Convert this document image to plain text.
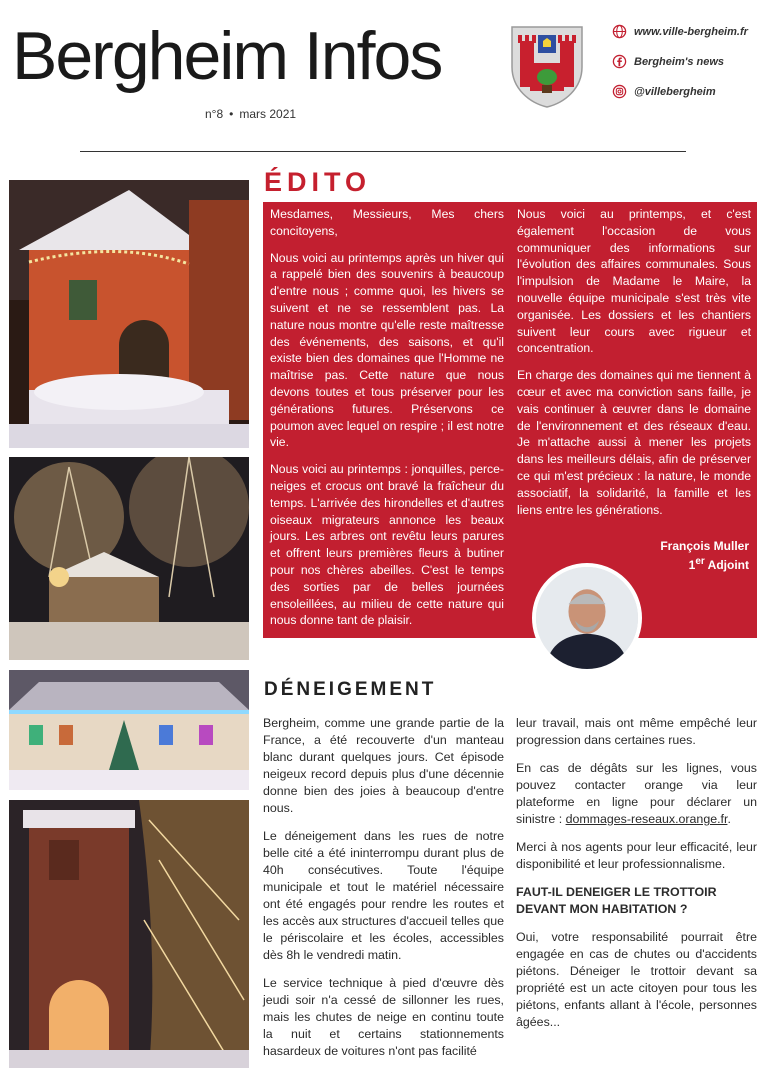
Bergheim Infos
n°8 • mars 2021
www.ville-bergheim.fr
Bergheim's news
@villebergheim
ÉDITO

Mesdames, Messieurs, Mes chers concitoyens,

Nous voici au printemps après un hiver qui a rappelé bien des souvenirs à beaucoup d'entre nous ; comme quoi, les hivers se suivent et ne se ressemblent pas. La nature nous montre qu'elle reste maîtresse des événements, des saisons, et qu'il existe bien des domaines que l'Homme ne maîtrise pas. Cette nature que nous devons toutes et tous préserver pour les générations futures. Préservons ce poumon avec lequel on respire ; il est notre vie.

Nous voici au printemps : jonquilles, perce-neiges et crocus ont bravé la fraîcheur du temps. L'arrivée des hirondelles et d'autres oiseaux migrateurs annonce les beaux jours. Les arbres ont revêtu leurs parures et offrent leurs premières fleurs à butiner pour nos chères abeilles. C'est le temps des sorties par de belles journées ensoleillées, au milieu de cette nature qui nous donne tant de plaisir.

Nous voici au printemps, et c'est également l'occasion de vous communiquer des informations sur l'évolution des affaires communales. Sous l'impulsion de Madame le Maire, la nouvelle équipe municipale s'est très vite organisée. Les dossiers et les chantiers suivent leur cours avec rigueur et concentration.

En charge des domaines qui me tiennent à cœur et avec ma conviction sans faille, je vais continuer à œuvrer dans le domaine de l'environnement et des réseaux d'eau. Je m'attache aussi à mener les projets dans les meilleurs délais, afin de préserver ce qui m'est précieux : la nature, le monde associatif, la solidarité, la famille et les liens entre les générations.

François Muller
1er Adjoint
DÉNEIGEMENT

Bergheim, comme une grande partie de la France, a été recouverte d'un manteau blanc durant quelques jours. Cet épisode neigeux record depuis plus d'une décennie donne bien des joies à beaucoup d'entre nous.

Le déneigement dans les rues de notre belle cité a été ininterrompu durant plus de 40h consécutives. Toute l'équipe municipale et tout le matériel nécessaire ont été engagés pour rendre les routes et les accès aux structures d'accueil telles que le périscolaire et les écoles, accessibles dès 8h le vendredi matin.

Le service technique à pied d'œuvre dès jeudi soir n'a cessé de sillonner les rues, mais les chutes de neige en continu toute la nuit et certains stationnements hasardeux de voitures n'ont pas facilité

leur travail, mais ont même empêché leur progression dans certaines rues.

En cas de dégâts sur les lignes, vous pouvez contacter orange via leur plateforme en ligne pour déclarer un sinistre : dommages-reseaux.orange.fr.

Merci à nos agents pour leur efficacité, leur disponibilité et leur professionnalisme.

FAUT-IL DENEIGER LE TROTTOIR DEVANT MON HABITATION ?

Oui, votre responsabilité pourrait être engagée en cas de chutes ou d'accidents piétons. Déneiger le trottoir devant sa propriété est un acte citoyen pour tous les piétons, enfants allant à l'école, personnes âgées...
